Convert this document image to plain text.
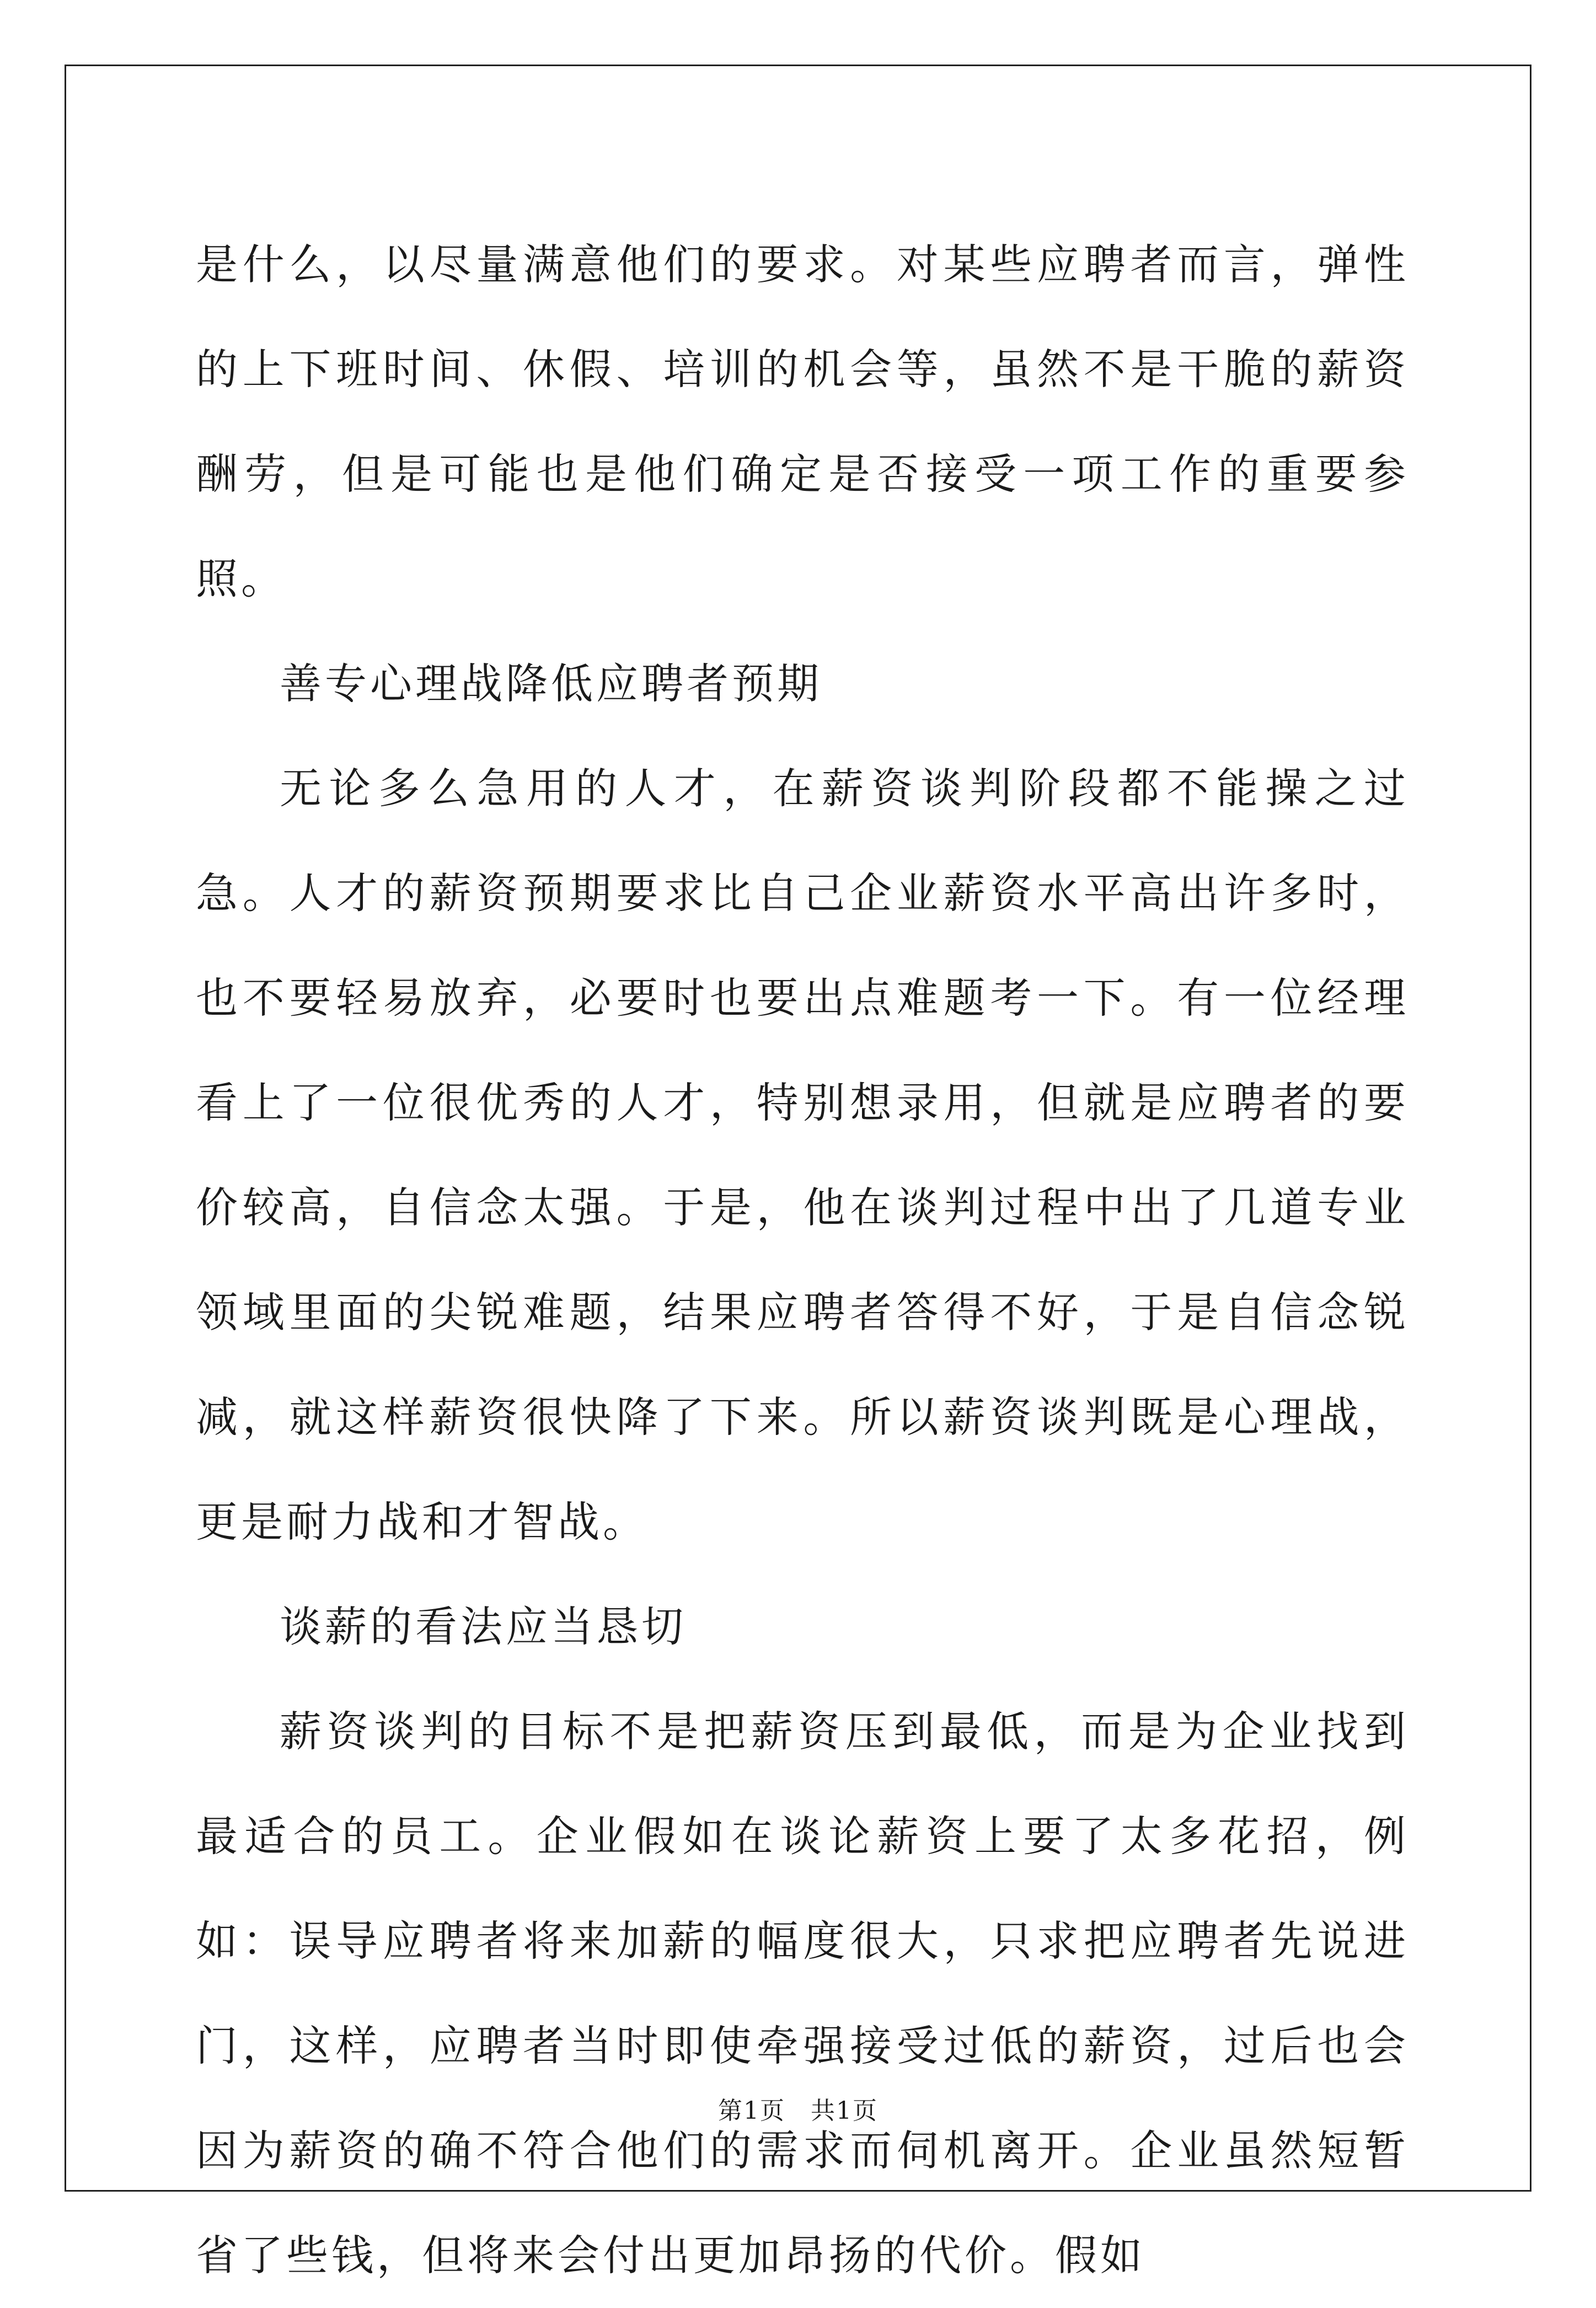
是什么，以尽量满意他们的要求。对某些应聘者而言，弹性的上下班时间、休假、培训的机会等，虽然不是干脆的薪资酬劳，但是可能也是他们确定是否接受一项工作的重要参照。

善专心理战降低应聘者预期

无论多么急用的人才，在薪资谈判阶段都不能操之过急。人才的薪资预期要求比自己企业薪资水平高出许多时，也不要轻易放弃，必要时也要出点难题考一下。有一位经理看上了一位很优秀的人才，特别想录用，但就是应聘者的要价较高，自信念太强。于是，他在谈判过程中出了几道专业领域里面的尖锐难题，结果应聘者答得不好，于是自信念锐减，就这样薪资很快降了下来。所以薪资谈判既是心理战，更是耐力战和才智战。

谈薪的看法应当恳切

薪资谈判的目标不是把薪资压到最低，而是为企业找到最适合的员工。企业假如在谈论薪资上要了太多花招，例如：误导应聘者将来加薪的幅度很大，只求把应聘者先说进门，这样，应聘者当时即使牵强接受过低的薪资，过后也会因为薪资的确不符合他们的需求而伺机离开。企业虽然短暂省了些钱，但将来会付出更加昂扬的代价。假如

第1页　共1页
